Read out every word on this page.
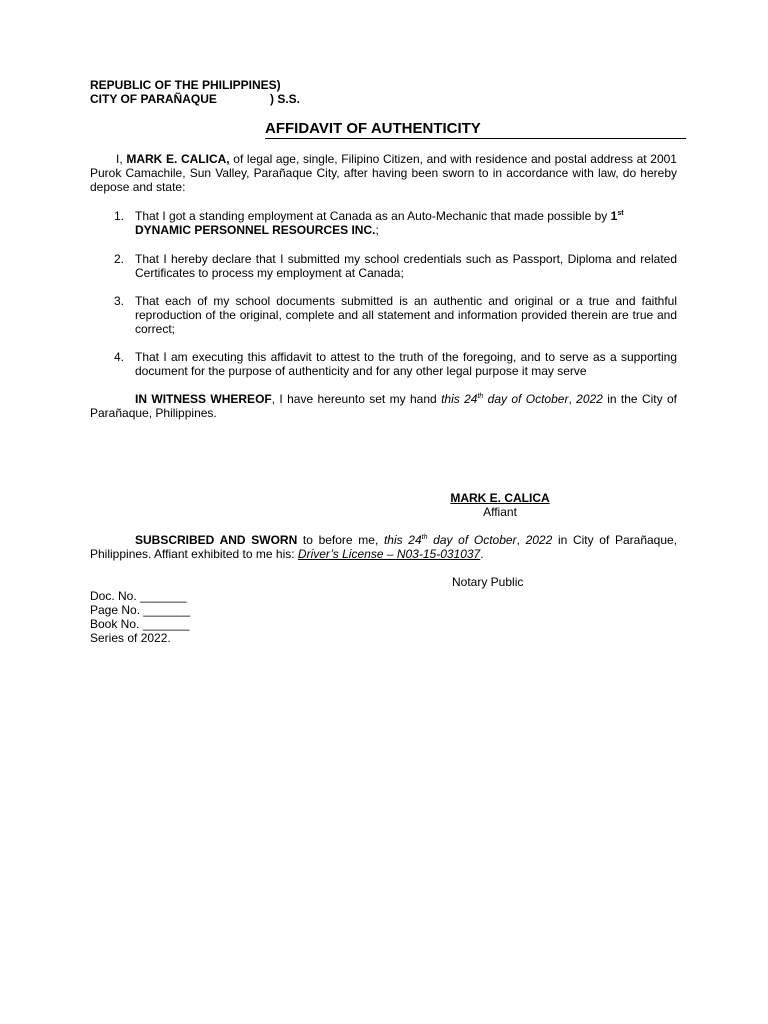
REPUBLIC OF THE PHILIPPINES)
CITY OF PARAÑAQUE	) S.S.
AFFIDAVIT OF AUTHENTICITY
I, MARK E. CALICA, of legal age, single, Filipino Citizen, and with residence and postal address at 2001 Purok Camachile, Sun Valley, Parañaque City, after having been sworn to in accordance with law, do hereby depose and state:
1. That I got a standing employment at Canada as an Auto-Mechanic that made possible by 1st
DYNAMIC PERSONNEL RESOURCES INC.;
2. That I hereby declare that I submitted my school credentials such as Passport, Diploma and related Certificates to process my employment at Canada;
3. That each of my school documents submitted is an authentic and original or a true and faithful reproduction of the original, complete and all statement and information provided therein are true and correct;
4. That I am executing this affidavit to attest to the truth of the foregoing, and to serve as a supporting document for the purpose of authenticity and for any other legal purpose it may serve
IN WITNESS WHEREOF, I have hereunto set my hand this 24th day of October, 2022 in the City of Parañaque, Philippines.
MARK E. CALICA
Affiant
SUBSCRIBED AND SWORN to before me, this 24th day of October, 2022 in City of Parañaque, Philippines. Affiant exhibited to me his: Driver’s License – N03-15-031037.
Notary Public
Doc. No. _______
Page No. _______
Book No. _______
Series of 2022.
